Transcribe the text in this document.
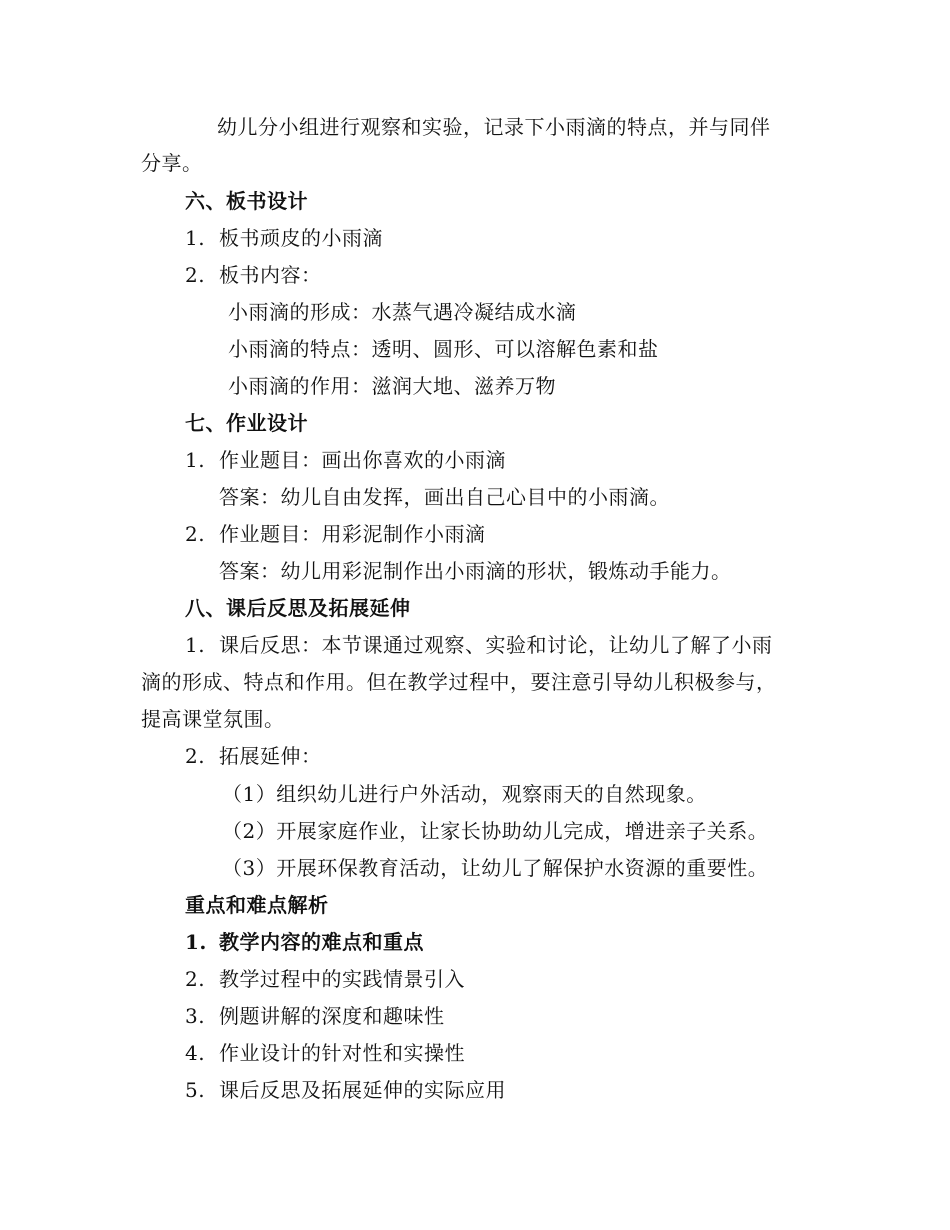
幼儿分小组进行观察和实验，记录下小雨滴的特点，并与同伴
分享。
六、板书设计
1. 板书顽皮的小雨滴
2. 板书内容：
小雨滴的形成：水蒸气遇冷凝结成水滴
小雨滴的特点：透明、圆形、可以溶解色素和盐
小雨滴的作用：滋润大地、滋养万物
七、作业设计
1. 作业题目：画出你喜欢的小雨滴
答案：幼儿自由发挥，画出自己心目中的小雨滴。
2. 作业题目：用彩泥制作小雨滴
答案：幼儿用彩泥制作出小雨滴的形状，锻炼动手能力。
八、课后反思及拓展延伸
1. 课后反思：本节课通过观察、实验和讨论，让幼儿了解了小雨
滴的形成、特点和作用。但在教学过程中，要注意引导幼儿积极参与，
提高课堂氛围。
2. 拓展延伸：
（1）组织幼儿进行户外活动，观察雨天的自然现象。
（2）开展家庭作业，让家长协助幼儿完成，增进亲子关系。
（3）开展环保教育活动，让幼儿了解保护水资源的重要性。
重点和难点解析
1. 教学内容的难点和重点
2. 教学过程中的实践情景引入
3. 例题讲解的深度和趣味性
4. 作业设计的针对性和实操性
5. 课后反思及拓展延伸的实际应用
